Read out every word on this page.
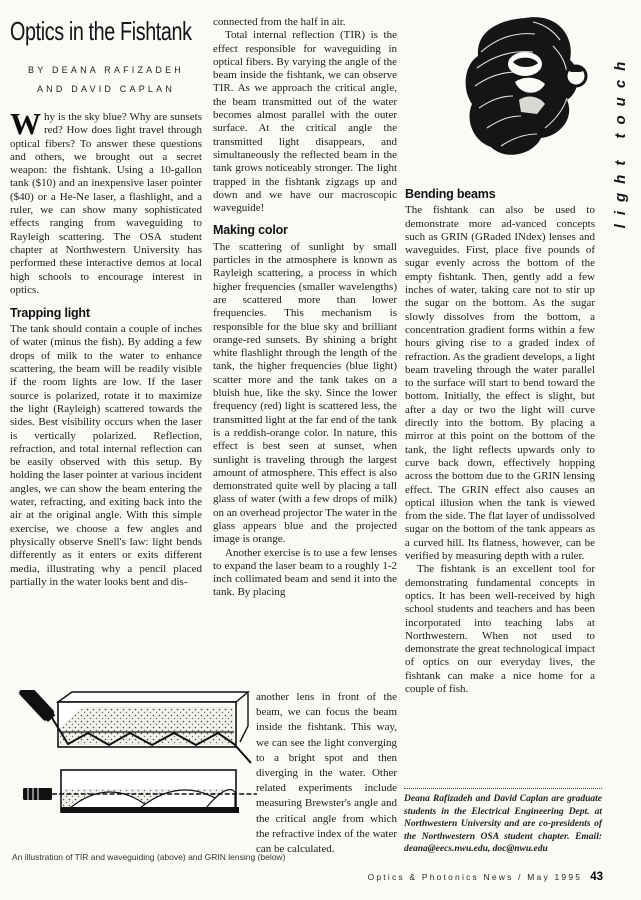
Optics in the Fishtank
BY DEANA RAFIZADEH
AND DAVID CAPLAN
Why is the sky blue? Why are sunsets red? How does light travel through optical fibers? To answer these questions and others, we brought out a secret weapon: the fishtank. Using a 10-gallon tank ($10) and an inexpensive laser pointer ($40) or a He-Ne laser, a flashlight, and a ruler, we can show many sophisticated effects ranging from waveguiding to Rayleigh scattering. The OSA student chapter at Northwestern University has performed these interactive demos at local high schools to encourage interest in optics.
Trapping light

The tank should contain a couple of inches of water (minus the fish). By adding a few drops of milk to the water to enhance scattering, the beam will be readily visible if the room lights are low. If the laser source is polarized, rotate it to maximize the light (Rayleigh) scattered towards the sides. Best visibility occurs when the laser is vertically polarized. Reflection, refraction, and total internal reflection can be easily observed with this setup. By holding the laser pointer at various incident angles, we can show the beam entering the water, refracting, and exiting back into the air at the original angle. With this simple exercise, we choose a few angles and physically observe Snell's law: light bends differently as it enters or exits different media, illustrating why a pencil placed partially in the water looks bent and dis-

connected from the half in air.

Total internal reflection (TIR) is the effect responsible for waveguiding in optical fibers. By varying the angle of the beam inside the fishtank, we can observe TIR. As we approach the critical angle, the beam transmitted out of the water becomes almost parallel with the outer surface. At the critical angle the transmitted light disappears, and simultaneously the reflected beam in the tank grows noticeably stronger. The light trapped in the fishtank zigzags up and down and we have our macroscopic waveguide!

Making color

The scattering of sunlight by small particles in the atmosphere is known as Rayleigh scattering, a process in which higher frequencies (smaller wavelengths) are scattered more than lower frequencies. This mechanism is responsible for the blue sky and brilliant orange-red sunsets. By shining a bright white flashlight through the length of the tank, the higher frequencies (blue light) scatter more and the tank takes on a bluish hue, like the sky. Since the lower frequency (red) light is scattered less, the transmitted light at the far end of the tank is a reddish-orange color. In nature, this effect is best seen at sunset, when sunlight is traveling through the largest amount of atmosphere. This effect is also demonstrated quite well by placing a tall glass of water (with a few drops of milk) on an overhead projector The water in the glass appears blue and the projected image is orange.

Another exercise is to use a few lenses to expand the laser beam to a roughly 1-2 inch collimated beam and send it into the tank. By placing

another lens in front of the beam, we can focus the beam inside the fishtank. This way, we can see the light converging to a bright spot and then diverging in the water. Other related experiments include measuring Brewster's angle and the critical angle from which the refractive index of the water can be calculated.
Bending beams

The fishtank can also be used to demonstrate more ad-vanced concepts such as GRIN (GRaded INdex) lenses and waveguides. First, place five pounds of sugar evenly across the bottom of the empty fishtank. Then, gently add a few inches of water, taking care not to stir up the sugar on the bottom. As the sugar slowly dissolves from the bottom, a concentration gradient forms within a few hours giving rise to a graded index of refraction. As the gradient develops, a light beam traveling through the water parallel to the surface will start to bend toward the bottom. Initially, the effect is slight, but after a day or two the light will curve directly into the bottom. By placing a mirror at this point on the bottom of the tank, the light reflects upwards only to curve back down, effectively hopping across the bottom due to the GRIN lensing effect. The GRIN effect also causes an optical illusion when the tank is viewed from the side. The flat layer of undissolved sugar on the bottom of the tank appears as a curved hill. Its flatness, however, can be verified by measuring depth with a ruler.

The fishtank is an excellent tool for demonstrating fundamental concepts in optics. It has been well-received by high school students and teachers and has been incorporated into teaching labs at Northwestern. When not used to demonstrate the great technological impact of optics on our everyday lives, the fishtank can make a nice home for a couple of fish.

Deana Rafizadeh and David Caplan are graduate students in the Electrical Engineering Dept. at Northwestern University and are co-presidents of the Northwestern OSA student chapter. Email: deana@eecs.nwu.edu, doc@nwu.edu
An illustration of TIR and waveguiding (above) and GRIN lensing (below)
light touch
Optics & Photonics News / May 1995 43
